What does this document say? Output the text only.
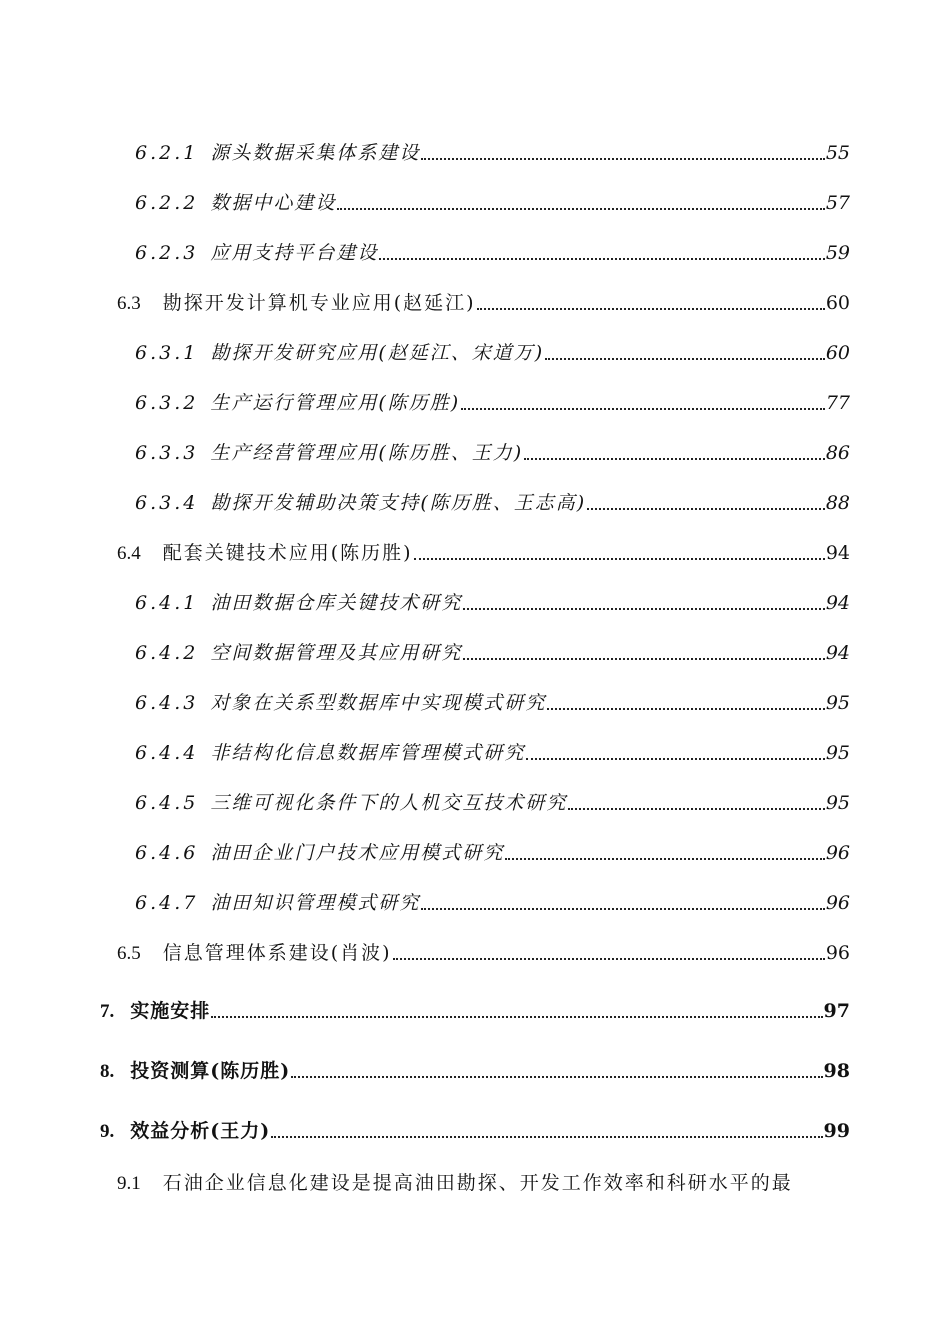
6.2.1 源头数据采集体系建设	55
6.2.2 数据中心建设	57
6.2.3 应用支持平台建设	59
6.3 勘探开发计算机专业应用(赵延江)	60
6.3.1 勘探开发研究应用(赵延江、宋道万)	60
6.3.2 生产运行管理应用(陈历胜)	77
6.3.3 生产经营管理应用(陈历胜、王力)	86
6.3.4 勘探开发辅助决策支持(陈历胜、王志高)	88
6.4 配套关键技术应用(陈历胜)	94
6.4.1 油田数据仓库关键技术研究	94
6.4.2 空间数据管理及其应用研究	94
6.4.3 对象在关系型数据库中实现模式研究	95
6.4.4 非结构化信息数据库管理模式研究	95
6.4.5 三维可视化条件下的人机交互技术研究	95
6.4.6 油田企业门户技术应用模式研究	96
6.4.7 油田知识管理模式研究	96
6.5 信息管理体系建设(肖波)	96
7. 实施安排	97
8. 投资测算(陈历胜)	98
9. 效益分析(王力)	99
9.1 石油企业信息化建设是提高油田勘探、开发工作效率和科研水平的最
